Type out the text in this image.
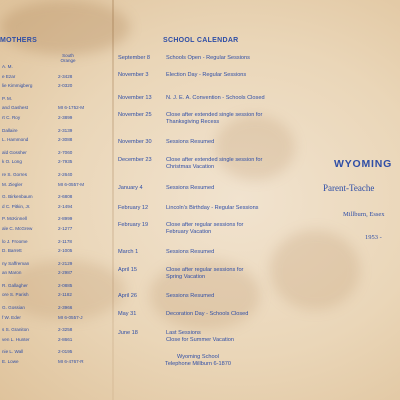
MOTHERS
South
Orange
A. M.
e Ezar	2-3428
lie Kimmigberg	2-0320
P. M.
and Gashest	MI 6-1752-M
rt C. Roy	2-3899
Dallaire	2-3139
L. Hammond	2-3088
ald Gossher	2-7060
k O. Long	2-7935
re S. Gorres	2-2640
M. Ziegler	MI 6-0557-M
G. Birkenbaum	2-6808
d C. Pitkin, Jr.	2-1494
P. McKinnell	2-8999
ale C. McGrew	2-1277
lo J. Froome	2-1178
D. Barrett	2-1005
ny Saffreman	2-2129
an Maron	2-2987
R. Gallagher	2-0885
ore S. Parish	2-1182
G. Gossian	2-3966
f W. Eder	MI 6-0557-J
s S. Graniton	2-3258
ven L. Hunter	2-8661
nie L. Wall	2-0195
E. Lowe	MI 6-4767-R
SCHOOL CALENDAR
September 8	Schools Open - Regular Sessions
November 3	Election Day - Regular Sessions
November 13	N. J. E. A. Convention - Schools Closed
November 25	Close after extended single session for
Thanksgiving Recess
November 30	Sessions Resumed
December 23	Close after extended single session for
Christmas Vacation
January 4	Sessions Resumed
February 12	Lincoln's Birthday - Regular Sessions
February 19	Close after regular sessions for
February Vacation
March 1	Sessions Resumed
April 15	Close after regular sessions for
Spring Vacation
April 26	Sessions Resumed
May 31	Decoration Day - Schools Closed
June 18	Last Sessions
Close for Summer Vacation
Wyoming School
Telephone Millburn 6-1870
WYOMING
Parent-Teache
Millburn, Essex
1953 -
